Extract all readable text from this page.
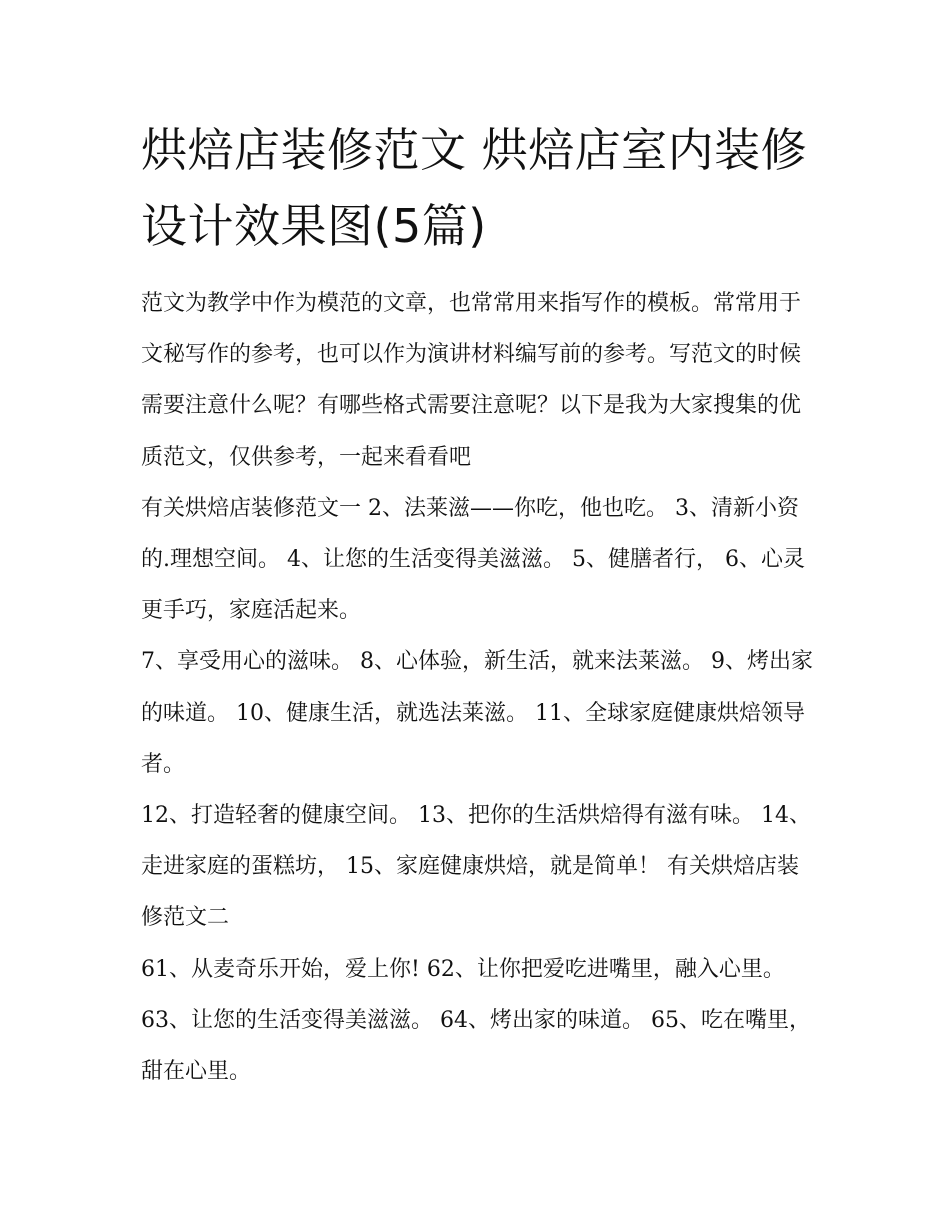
烘焙店装修范文 烘焙店室内装修设计效果图(5篇)

范文为教学中作为模范的文章，也常常用来指写作的模板。常常用于文秘写作的参考，也可以作为演讲材料编写前的参考。写范文的时候需要注意什么呢？有哪些格式需要注意呢？以下是我为大家搜集的优质范文，仅供参考，一起来看看吧

有关烘焙店装修范文一 2、法莱滋——你吃，他也吃。 3、清新小资的.理想空间。 4、让您的生活变得美滋滋。 5、健膳者行， 6、心灵更手巧，家庭活起来。

7、享受用心的滋味。 8、心体验，新生活，就来法莱滋。 9、烤出家的味道。 10、健康生活，就选法莱滋。 11、全球家庭健康烘焙领导者。

12、打造轻奢的健康空间。 13、把你的生活烘焙得有滋有味。 14、走进家庭的蛋糕坊， 15、家庭健康烘焙，就是简单！ 有关烘焙店装修范文二

61、从麦奇乐开始，爱上你! 62、让你把爱吃进嘴里，融入心里。 63、让您的生活变得美滋滋。 64、烤出家的味道。 65、吃在嘴里，甜在心里。
